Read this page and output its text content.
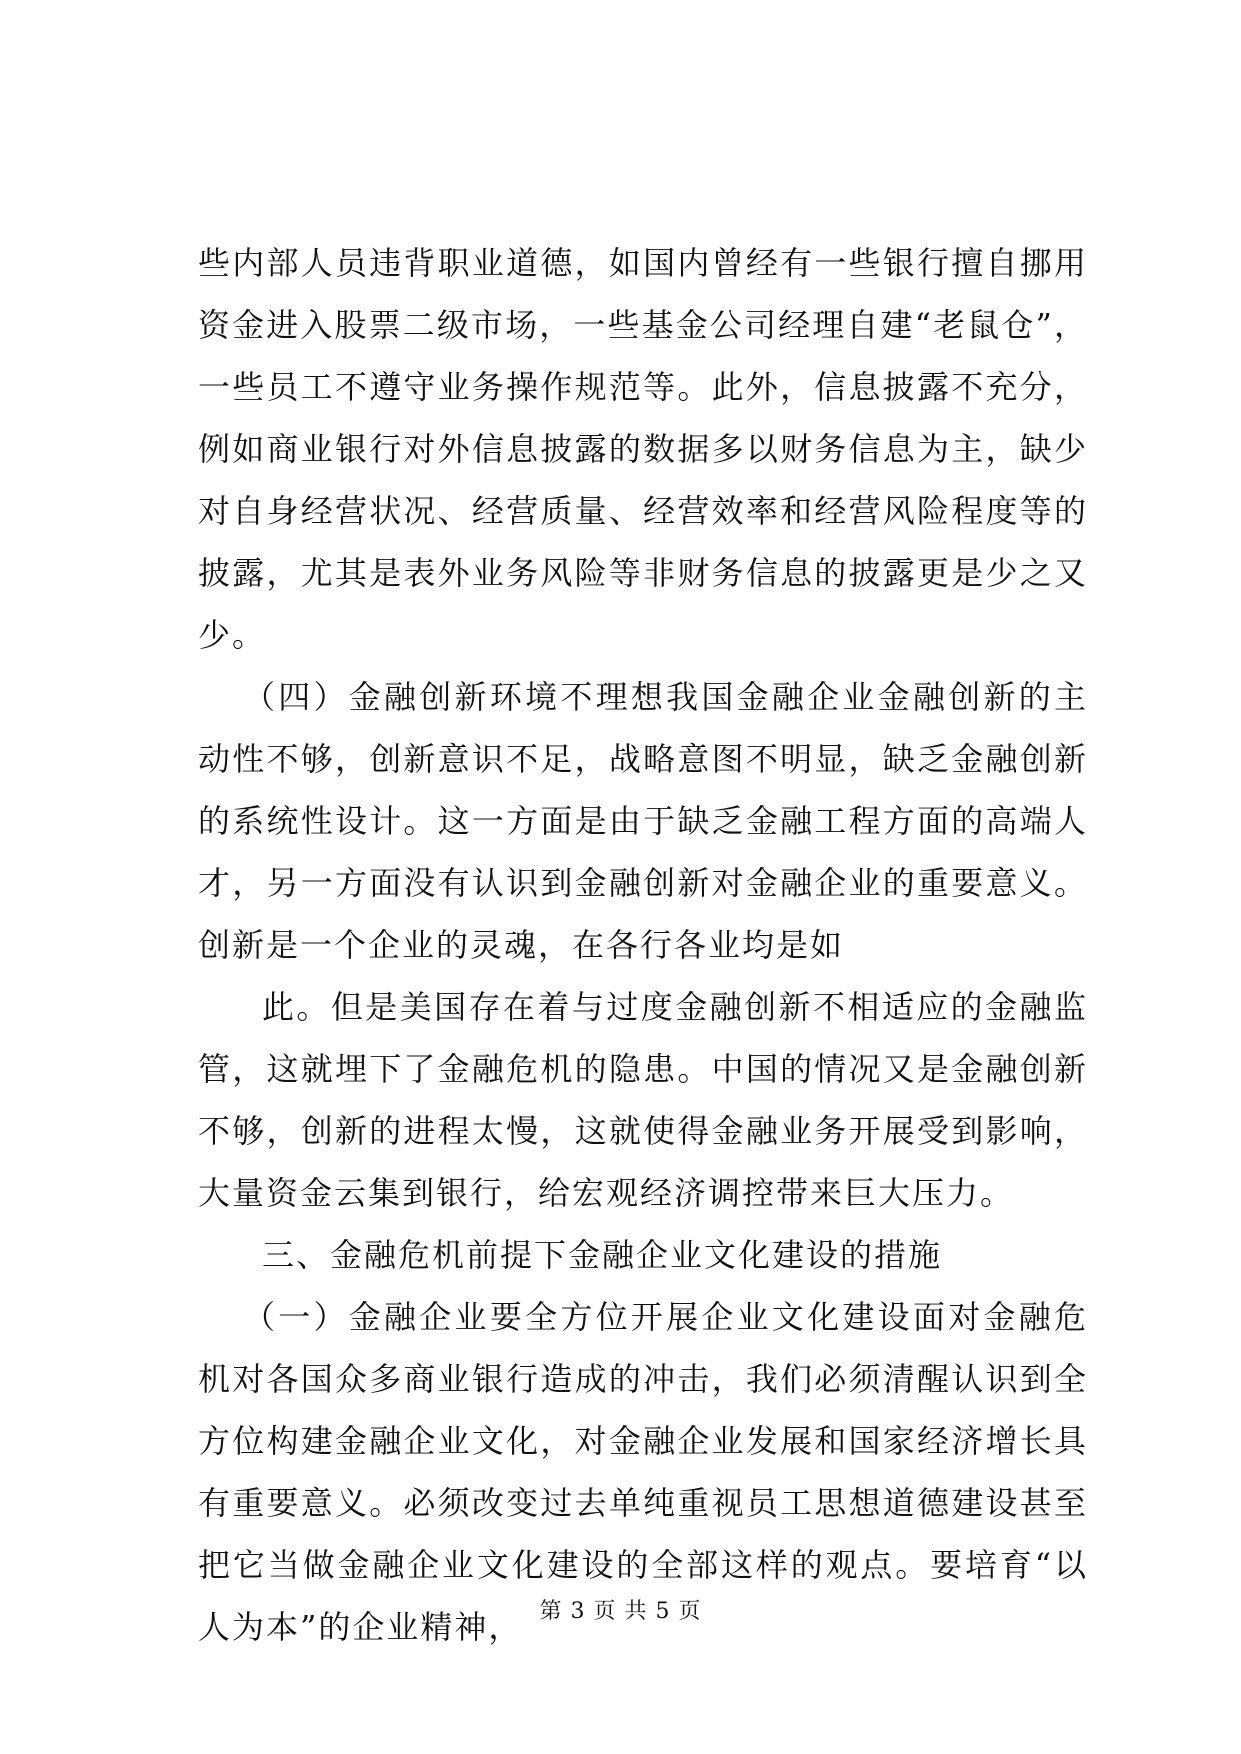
些内部人员违背职业道德，如国内曾经有一些银行擅自挪用资金进入股票二级市场，一些基金公司经理自建“老鼠仓”，一些员工不遵守业务操作规范等。此外，信息披露不充分，例如商业银行对外信息披露的数据多以财务信息为主，缺少对自身经营状况、经营质量、经营效率和经营风险程度等的披露，尤其是表外业务风险等非财务信息的披露更是少之又少。

（四）金融创新环境不理想我国金融企业金融创新的主动性不够，创新意识不足，战略意图不明显，缺乏金融创新的系统性设计。这一方面是由于缺乏金融工程方面的高端人才，另一方面没有认识到金融创新对金融企业的重要意义。创新是一个企业的灵魂，在各行各业均是如

此。但是美国存在着与过度金融创新不相适应的金融监管，这就埋下了金融危机的隐患。中国的情况又是金融创新不够，创新的进程太慢，这就使得金融业务开展受到影响，大量资金云集到银行，给宏观经济调控带来巨大压力。

三、金融危机前提下金融企业文化建设的措施

（一）金融企业要全方位开展企业文化建设面对金融危机对各国众多商业银行造成的冲击，我们必须清醒认识到全方位构建金融企业文化，对金融企业发展和国家经济增长具有重要意义。必须改变过去单纯重视员工思想道德建设甚至把它当做金融企业文化建设的全部这样的观点。要培育“以人为本”的企业精神， 第 3 页 共 5 页
